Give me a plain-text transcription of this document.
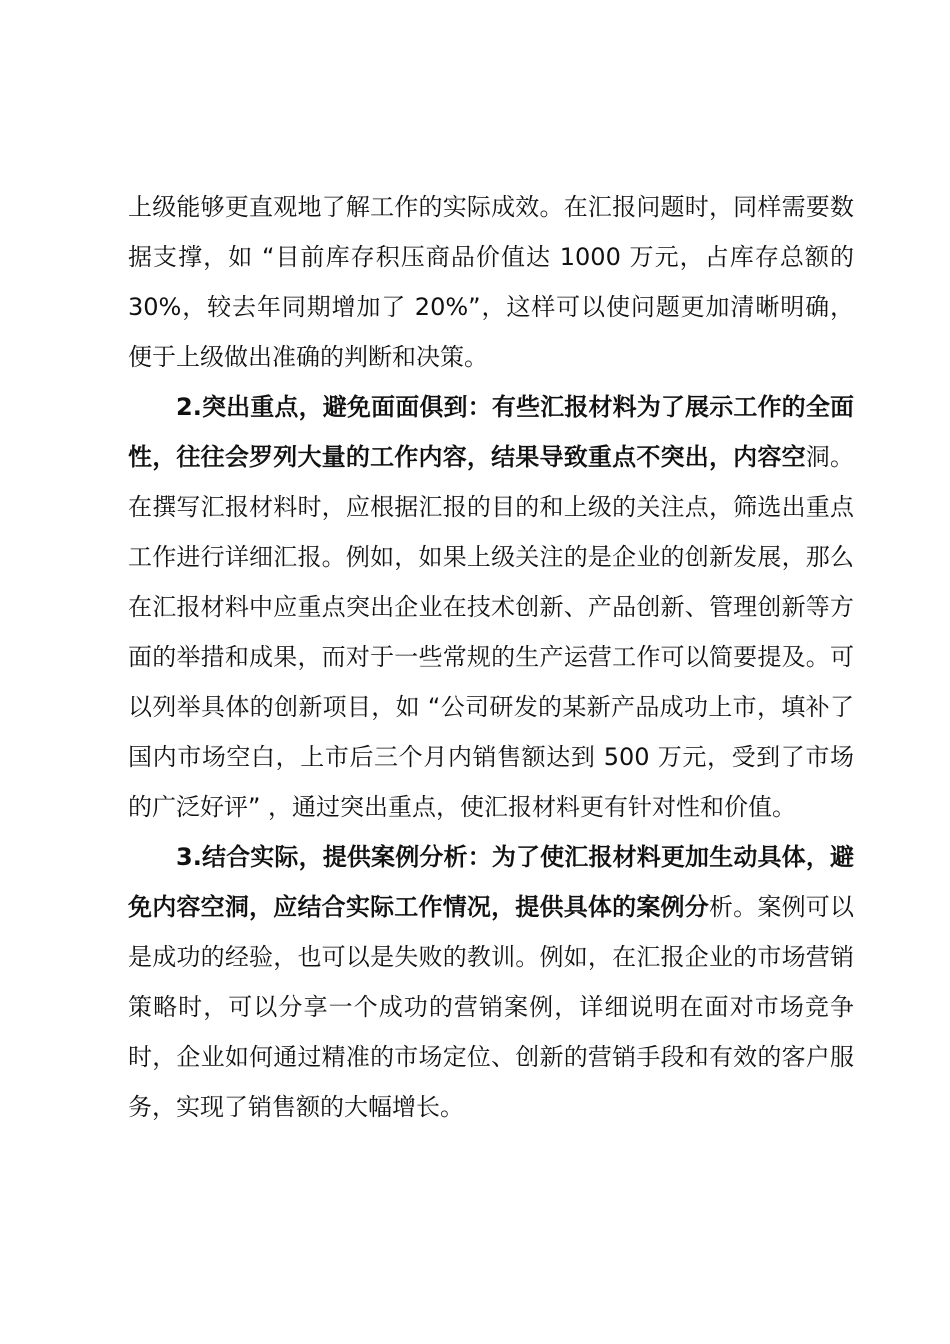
上级能够更直观地了解工作的实际成效。在汇报问题时，同样需要数据支撑，如 “目前库存积压商品价值达 1000 万元，占库存总额的 30%，较去年同期增加了 20%”，这样可以使问题更加清晰明确，便于上级做出准确的判断和决策。

2.突出重点，避免面面俱到：有些汇报材料为了展示工作的全面性，往往会罗列大量的工作内容，结果导致重点不突出，内容空洞。在撰写汇报材料时，应根据汇报的目的和上级的关注点，筛选出重点工作进行详细汇报。例如，如果上级关注的是企业的创新发展，那么在汇报材料中应重点突出企业在技术创新、产品创新、管理创新等方面的举措和成果，而对于一些常规的生产运营工作可以简要提及。可以列举具体的创新项目，如 “公司研发的某新产品成功上市，填补了国内市场空白，上市后三个月内销售额达到 500 万元，受到了市场的广泛好评” ，通过突出重点，使汇报材料更有针对性和价值。

3.结合实际，提供案例分析：为了使汇报材料更加生动具体，避免内容空洞，应结合实际工作情况，提供具体的案例分析。案例可以是成功的经验，也可以是失败的教训。例如，在汇报企业的市场营销策略时，可以分享一个成功的营销案例，详细说明在面对市场竞争时，企业如何通过精准的市场定位、创新的营销手段和有效的客户服务，实现了销售额的大幅增长。
